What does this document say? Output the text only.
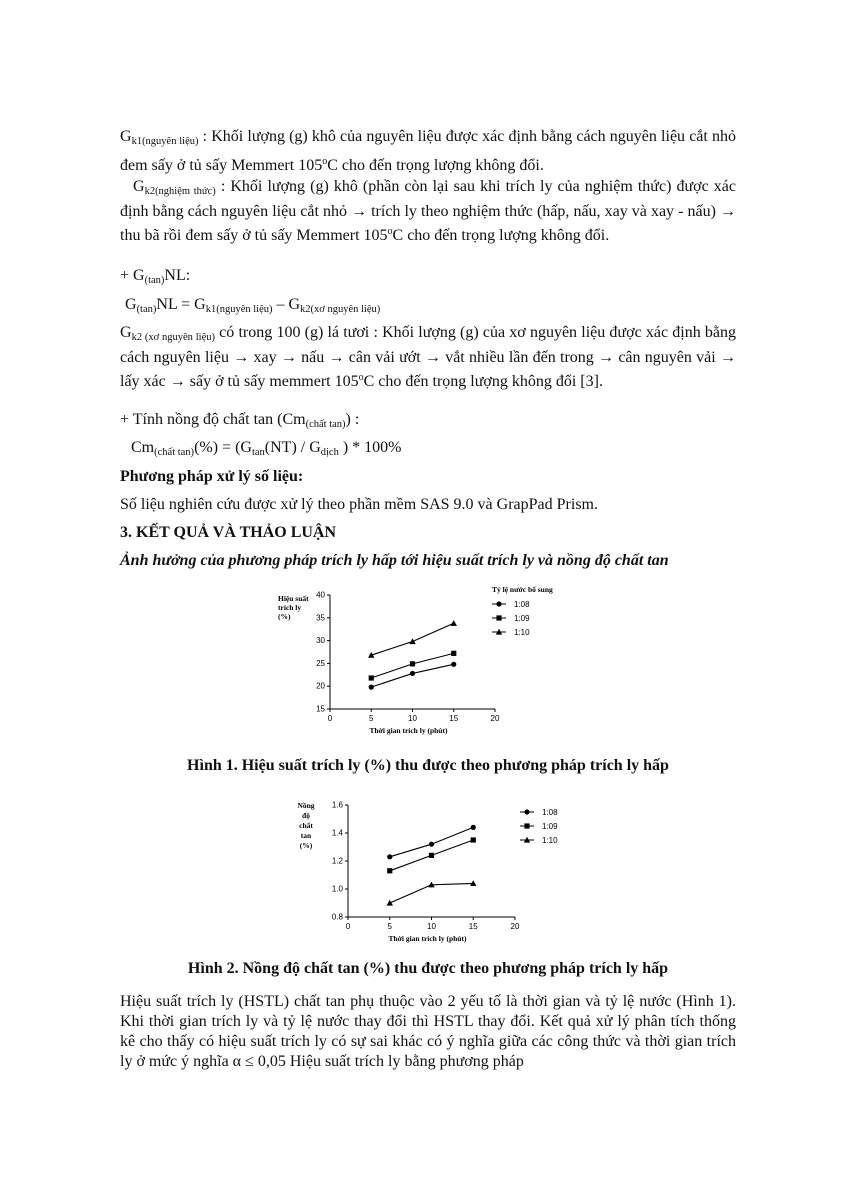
$G_{k1(nguyên liệu)}$ : Khối lượng (g) khô của nguyên liệu được xác định bằng cách nguyên liệu cắt nhỏ đem sấy ở tủ sấy Memmert 105$^o$C cho đến trọng lượng không đổi.

$G_{k2(nghiệm thức)}$ : Khối lượng (g) khô (phần còn lại sau khi trích ly của nghiệm thức) được xác định bằng cách nguyên liệu cắt nhỏ → trích ly theo nghiệm thức (hấp, nấu, xay và xay - nấu) → thu bã rồi đem sấy ở tủ sấy Memmert 105$^o$C cho đến trọng lượng không đổi.

+ $G_{(tan)}NL$:

$G_{(tan)}NL = G_{k1(nguyên liệu)} - G_{k2(xơ nguyên liệu)}$

$G_{k2 (xơ nguyên liệu)}$ có trong 100 (g) lá tươi : Khối lượng (g) của xơ nguyên liệu được xác định bằng cách nguyên liệu → xay → nấu → cân vải ướt → vắt nhiều lần đến trong → cân nguyên vải → lấy xác → sấy ở tủ sấy memmert 105$^o$C cho đến trọng lượng không đổi [3].

+ Tính nồng độ chất $\tan (Cm_{(chất tan)})$ :

$Cm_{(chất tan)}(\%) = (G_{tan}(NT) / G_{dịch}$ ) * 100%

Phương pháp xử lý số liệu:

Số liệu nghiên cứu được xử lý theo phần mềm SAS 9.0 và GrapPad Prism.

3. KẾT QUẢ VÀ THẢO LUẬN

Ảnh hưởng của phương pháp trích ly hấp tới hiệu suất trích ly và nồng độ chất tan

15
20
25
30
35
40
0	5	10	15	20
Thời gian trích ly (phút)
Hiệu suất
trích ly
(%)
Tỷ lệ nước bổ sung
1:08
1:09
1:10
Hình 1. Hiệu suất trích ly (%) thu được theo phương pháp trích ly hấp
0.8
1.0
1.2
1.4
1.6
0	5	10	15	20
Thời gian trích ly (phút)
Nồng
độ
chất
tan
(%)
1:08
1:09
1:10
Hình 2. Nồng độ chất tan (%) thu được theo phương pháp trích ly hấp

Hiệu suất trích ly (HSTL) chất tan phụ thuộc vào 2 yếu tố là thời gian và tỷ lệ nước (Hình 1). Khi thời gian trích ly và tỷ lệ nước thay đổi thì HSTL thay đổi. Kết quả xử lý phân tích thống kê cho thấy có hiệu suất trích ly có sự sai khác có ý nghĩa giữa các công thức và thời gian trích ly ở mức ý nghĩa α ≤ 0,05 Hiệu suất trích ly bằng phương pháp
